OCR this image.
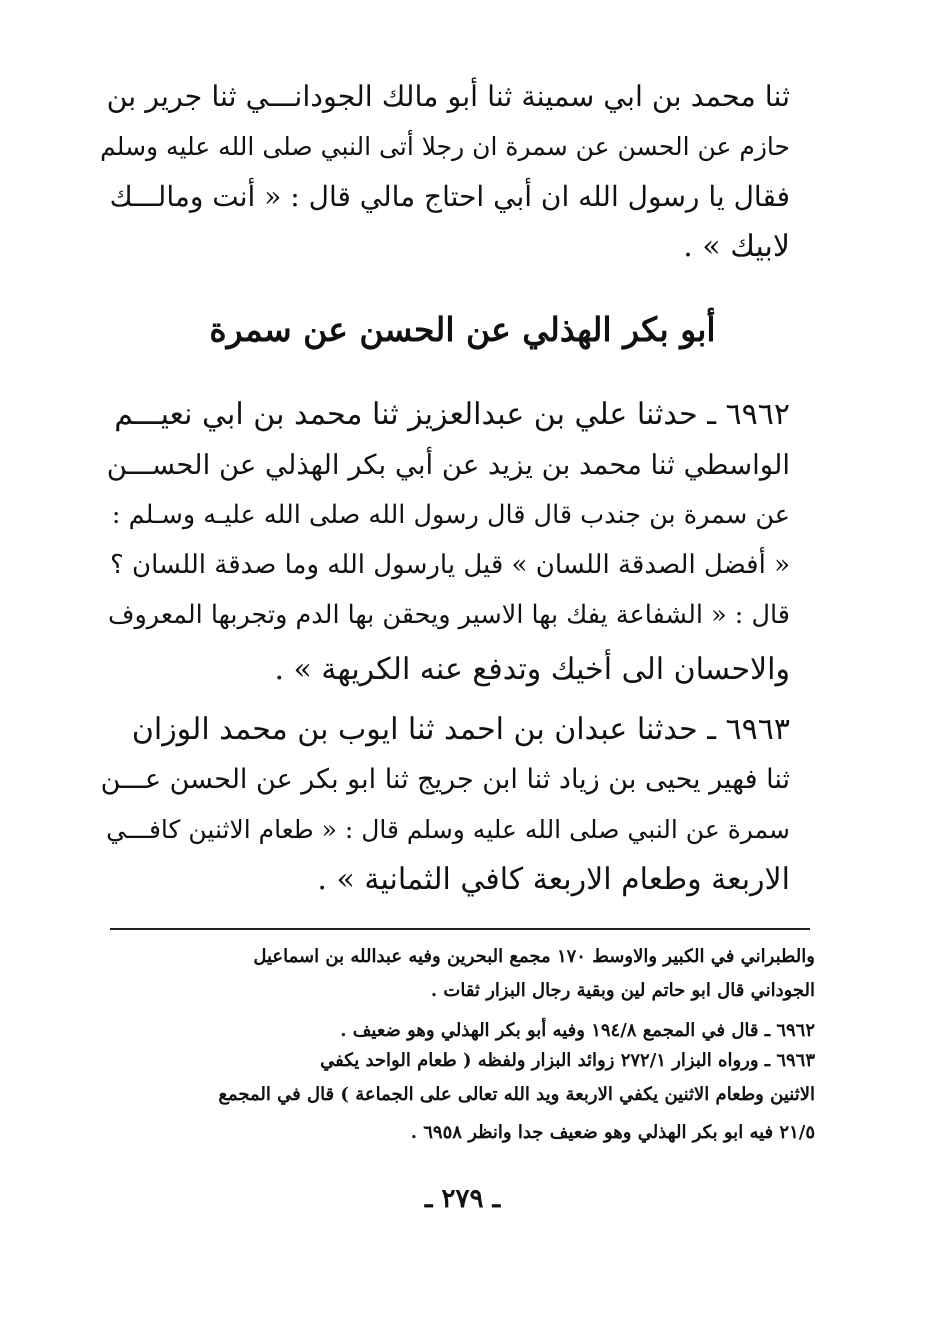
ثنا محمد بن ابي سمينة ثنا أبو مالك الجودانـــي ثنا جرير بن
حازم عن الحسن عن سمرة ان رجلا أتى النبي صلى الله عليه وسلم
فقال يا رسول الله ان أبي احتاج مالي قال : « أنت ومالـــك
لابيك » .
أبو بكر الهذلي عن الحسن عن سمرة
٦٩٦٢ ـ حدثنا علي بن عبدالعزيز ثنا محمد بن ابي نعيـــم
الواسطي ثنا محمد بن يزيد عن أبي بكر الهذلي عن الحســـن
عن سمرة بن جندب قال قال رسول الله صلى الله عليـه وسـلم :
« أفضل الصدقة اللسان » قيل يارسول الله وما صدقة اللسان ؟
قال : « الشفاعة يفك بها الاسير ويحقن بها الدم وتجربها المعروف
والاحسان الى أخيك وتدفع عنه الكريهة » .
٦٩٦٣ ـ حدثنا عبدان بن احمد ثنا ايوب بن محمد الوزان
ثنا فهير يحيى بن زياد ثنا ابن جريج ثنا ابو بكر عن الحسن عـــن
سمرة عن النبي صلى الله عليه وسلم قال : « طعام الاثنين كافـــي
الاربعة وطعام الاربعة كافي الثمانية » .
والطبراني في الكبير والاوسط ١٧٠ مجمع البحرين وفيه عبدالله بن اسماعيل
الجوداني قال ابو حاتم لين وبقية رجال البزار ثقات .
٦٩٦٢ ـ قال في المجمع ١٩٤/٨ وفيه أبو بكر الهذلي وهو ضعيف .
٦٩٦٣ ـ ورواه البزار ٢٧٢/١ زوائد البزار ولفظه ( طعام الواحد يكفي
الاثنين وطعام الاثنين يكفي الاربعة ويد الله تعالى على الجماعة ) قال في المجمع
٢١/٥ فيه ابو بكر الهذلي وهو ضعيف جدا وانظر ٦٩٥٨ .
ـ ٢٧٩ ـ
